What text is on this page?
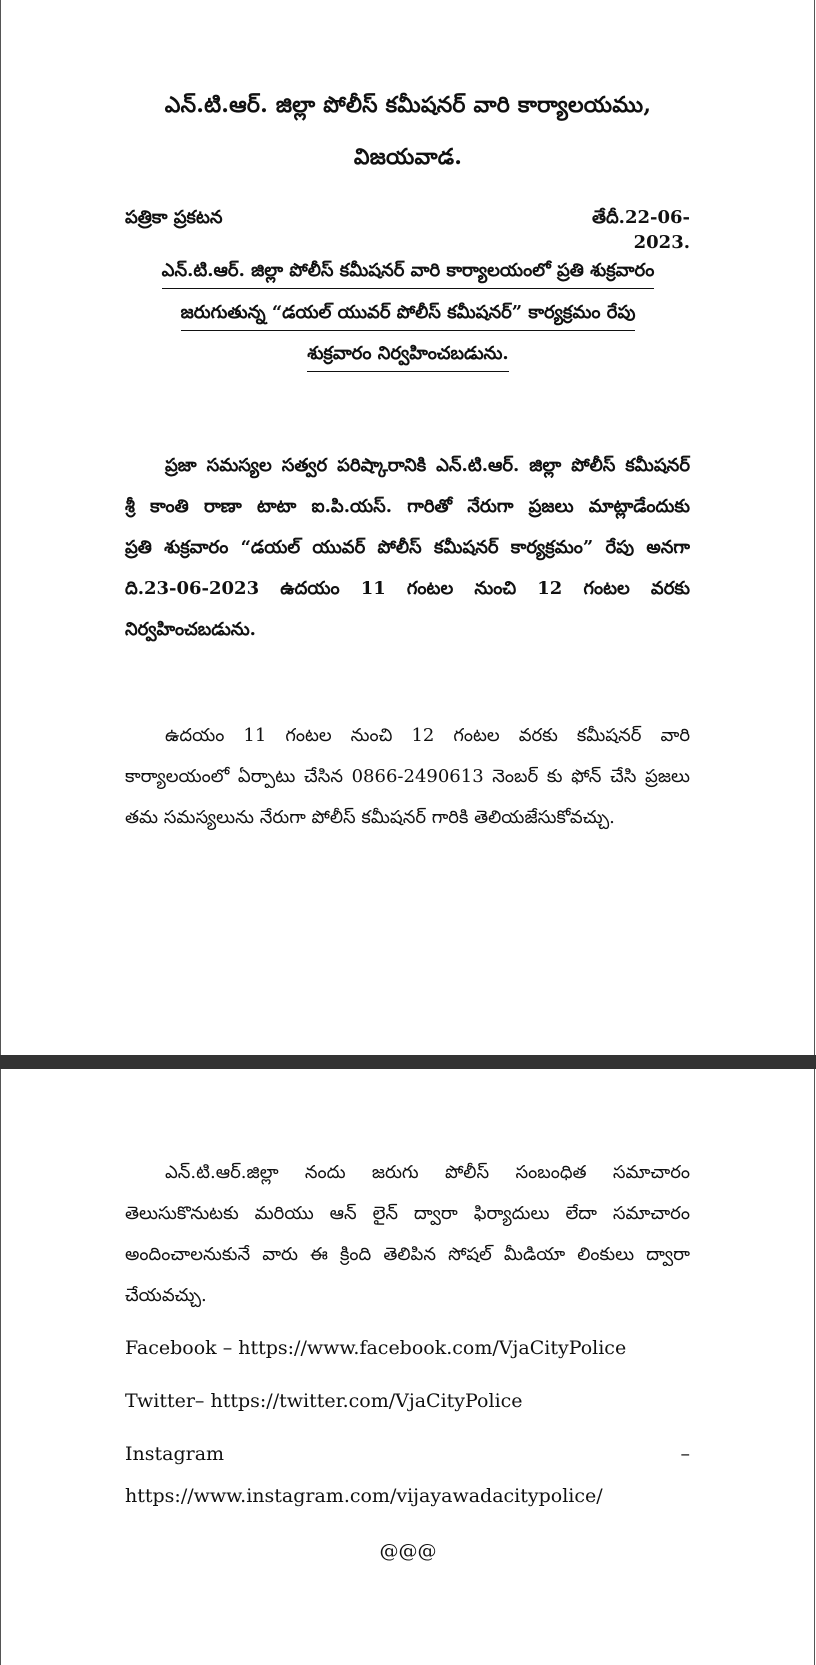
ఎన్.టి.ఆర్. జిల్లా పోలీస్ కమీషనర్ వారి కార్యాలయము,
విజయవాడ.
పత్రికా ప్రకటన	తేదీ.22-06-2023.
ఎన్.టి.ఆర్. జిల్లా పోలీస్ కమీషనర్ వారి కార్యాలయంలో ప్రతి శుక్రవారం
జరుగుతున్న “డయల్ యువర్ పోలీస్ కమీషనర్” కార్యక్రమం రేపు
శుక్రవారం నిర్వహించబడును.
ప్రజా సమస్యల సత్వర పరిష్కారానికి ఎన్.టి.ఆర్. జిల్లా పోలీస్ కమీషనర్
శ్రీ కాంతి రాణా టాటా ఐ.పి.యస్. గారితో నేరుగా ప్రజలు మాట్లాడేందుకు
ప్రతి శుక్రవారం “డయల్ యువర్ పోలీస్ కమీషనర్ కార్యక్రమం” రేపు అనగా
ది.23-06-2023 ఉదయం 11 గంటల నుంచి 12 గంటల వరకు
నిర్వహించబడును.
ఉదయం 11 గంటల నుంచి 12 గంటల వరకు కమీషనర్ వారి
కార్యాలయంలో ఏర్పాటు చేసిన 0866-2490613 నెంబర్ కు ఫోన్ చేసి ప్రజలు
తమ సమస్యలును నేరుగా పోలీస్ కమీషనర్ గారికి తెలియజేసుకోవచ్చు.
ఎన్.టి.ఆర్.జిల్లా నందు జరుగు పోలీస్ సంబంధిత సమాచారం
తెలుసుకొనుటకు మరియు ఆన్ లైన్ ద్వారా ఫిర్యాదులు లేదా సమాచారం
అందించాలనుకునే వారు ఈ క్రింది తెలిపిన సోషల్ మీడియా లింకులు ద్వారా
చేయవచ్చు.
Facebook – https://www.facebook.com/VjaCityPolice
Twitter– https://twitter.com/VjaCityPolice
Instagram	–
https://www.instagram.com/vijayawadacitypolice/
@@@
